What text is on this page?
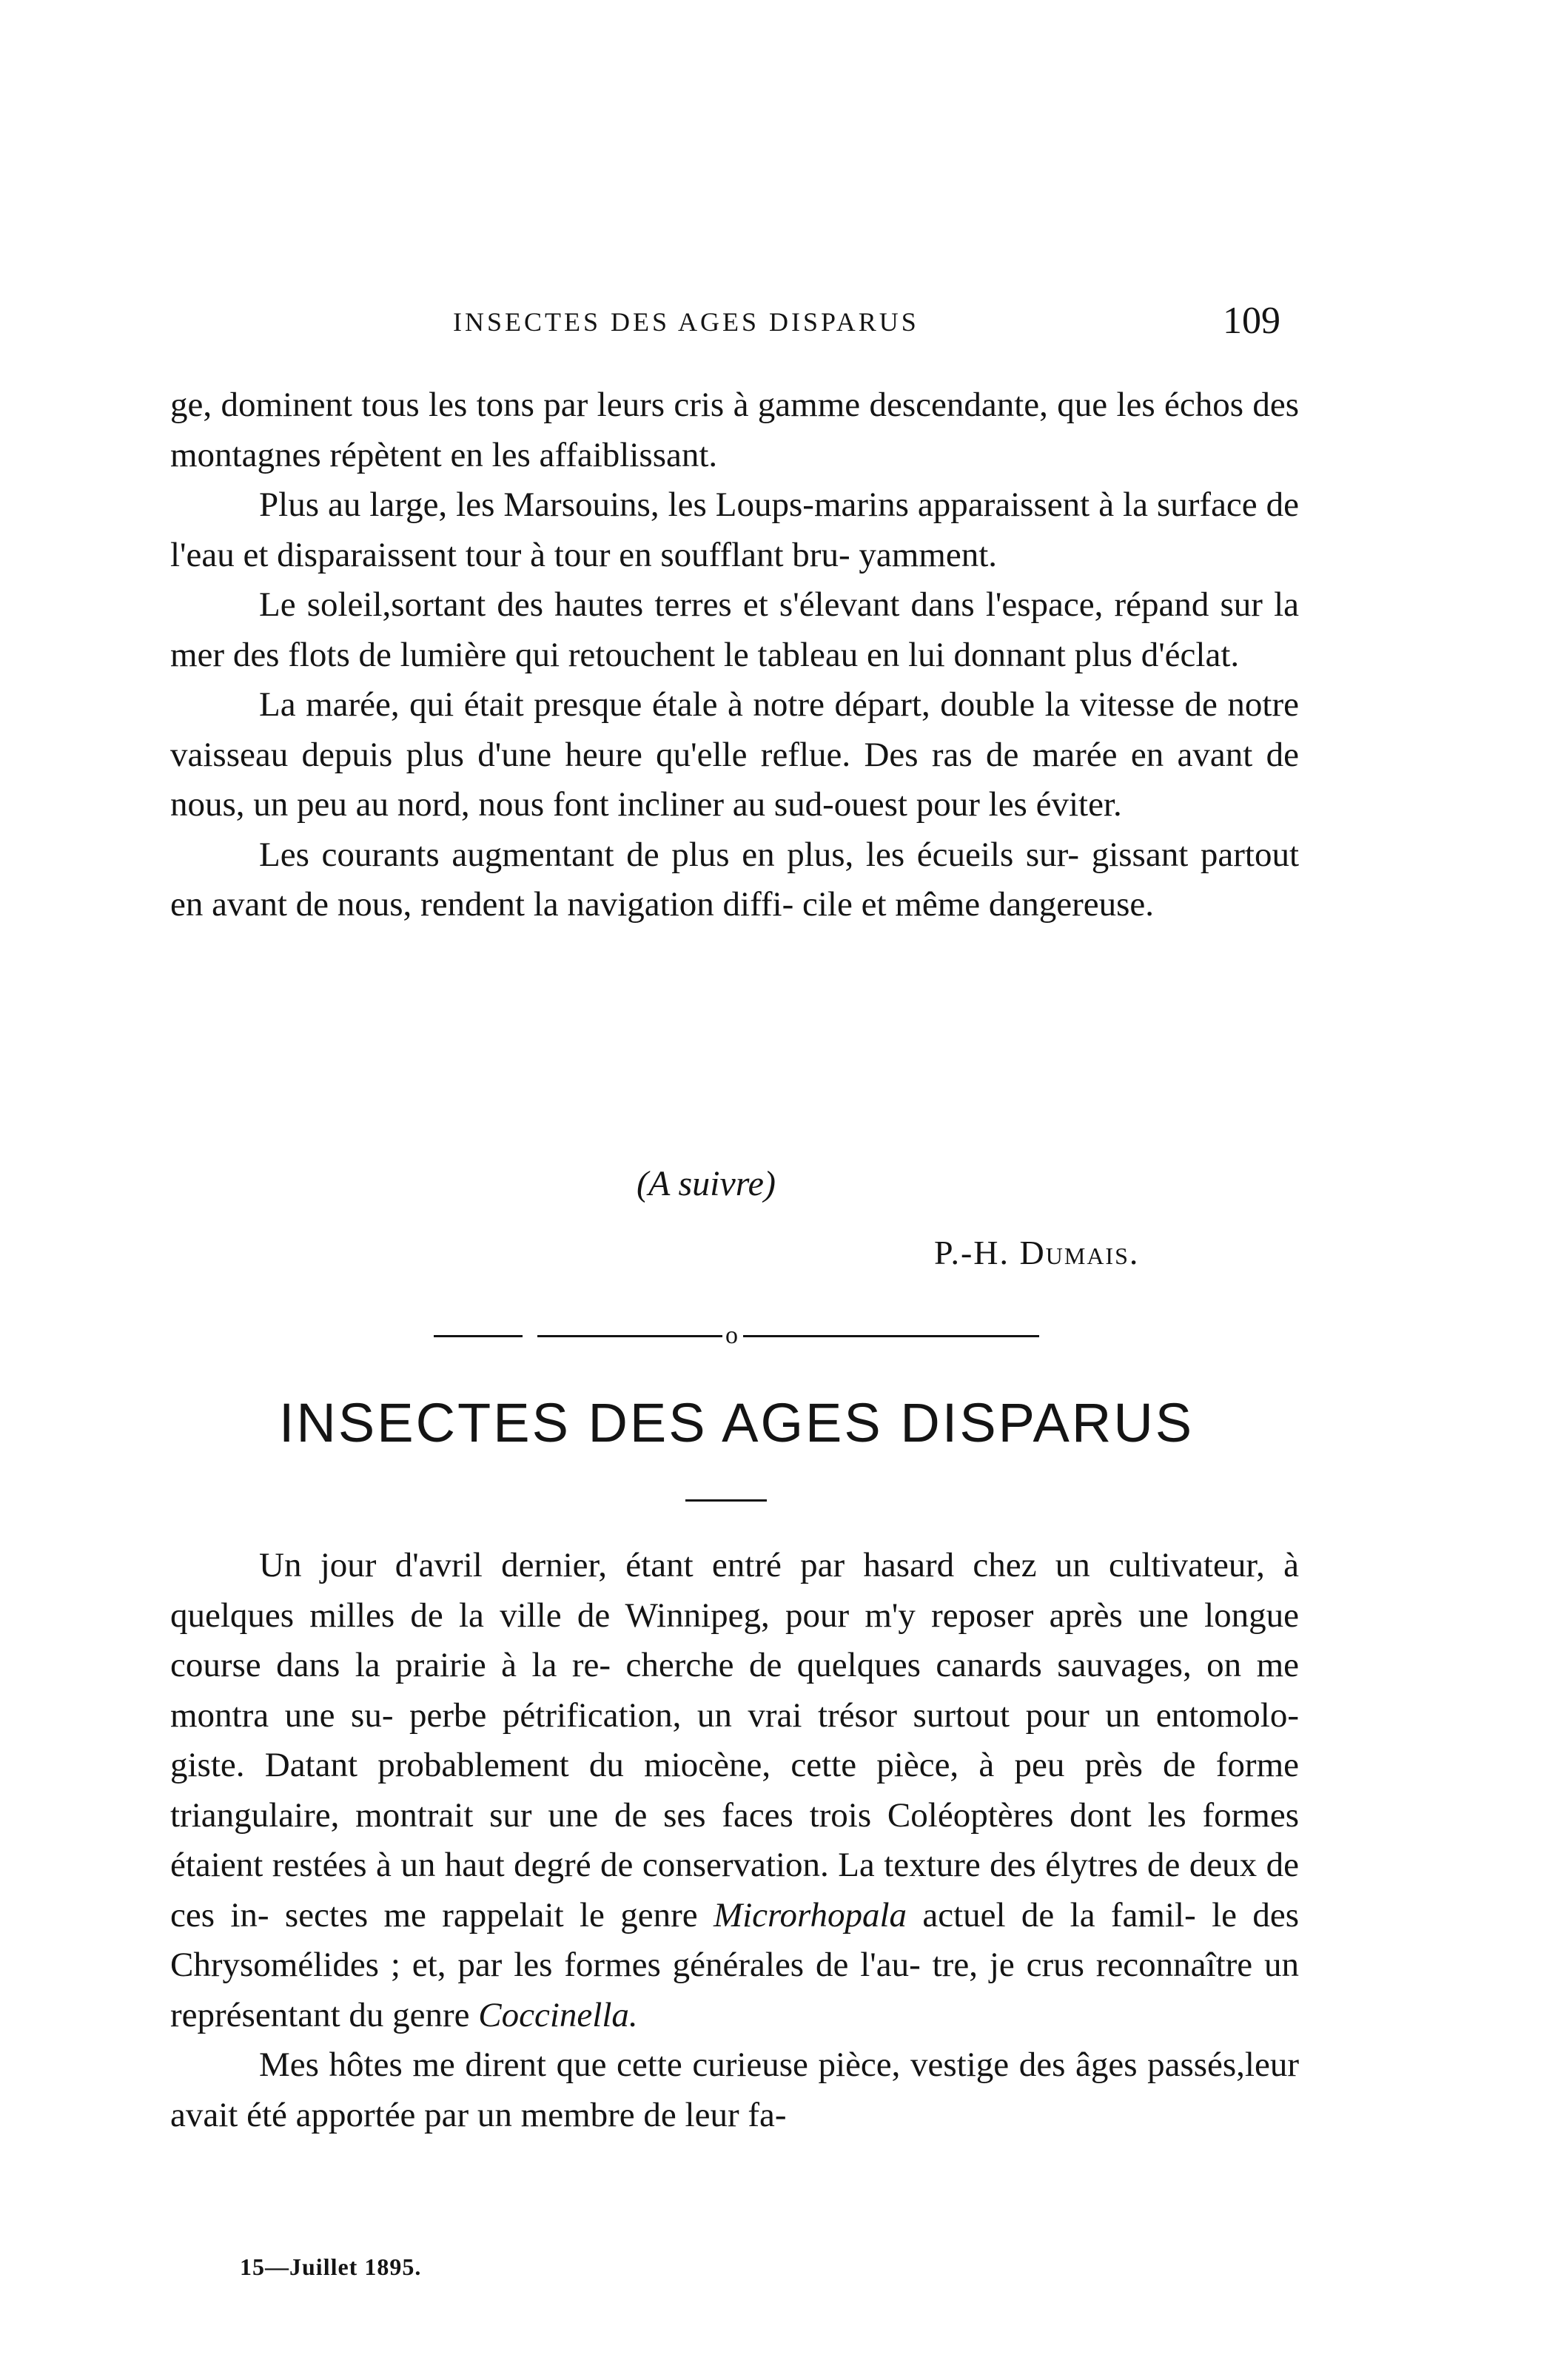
INSECTES DES AGES DISPARUS	109

ge, dominent tous les tons par leurs cris à gamme descendante, que les échos des montagnes répètent en les affaiblissant.

Plus au large, les Marsouins, les Loups-marins apparaissent à la surface de l'eau et disparaissent tour à tour en soufflant bru- yamment.

Le soleil,sortant des hautes terres et s'élevant dans l'espace, répand sur la mer des flots de lumière qui retouchent le tableau en lui donnant plus d'éclat.

La marée, qui était presque étale à notre départ, double la vitesse de notre vaisseau depuis plus d'une heure qu'elle reflue. Des ras de marée en avant de nous, un peu au nord, nous font incliner au sud-ouest pour les éviter.

Les courants augmentant de plus en plus, les écueils sur- gissant partout en avant de nous, rendent la navigation diffi- cile et même dangereuse.

(A suivre)
P.-H. Dumais.
o
INSECTES DES AGES DISPARUS

Un jour d'avril dernier, étant entré par hasard chez un cultivateur, à quelques milles de la ville de Winnipeg, pour m'y reposer après une longue course dans la prairie à la re- cherche de quelques canards sauvages, on me montra une su- perbe pétrification, un vrai trésor surtout pour un entomolo- giste. Datant probablement du miocène, cette pièce, à peu près de forme triangulaire, montrait sur une de ses faces trois Coléoptères dont les formes étaient restées à un haut degré de conservation. La texture des élytres de deux de ces in- sectes me rappelait le genre Microrhopala actuel de la famil- le des Chrysomélides ; et, par les formes générales de l'au- tre, je crus reconnaître un représentant du genre Coccinella.

Mes hôtes me dirent que cette curieuse pièce, vestige des âges passés,leur avait été apportée par un membre de leur fa-

15—Juillet 1895.
